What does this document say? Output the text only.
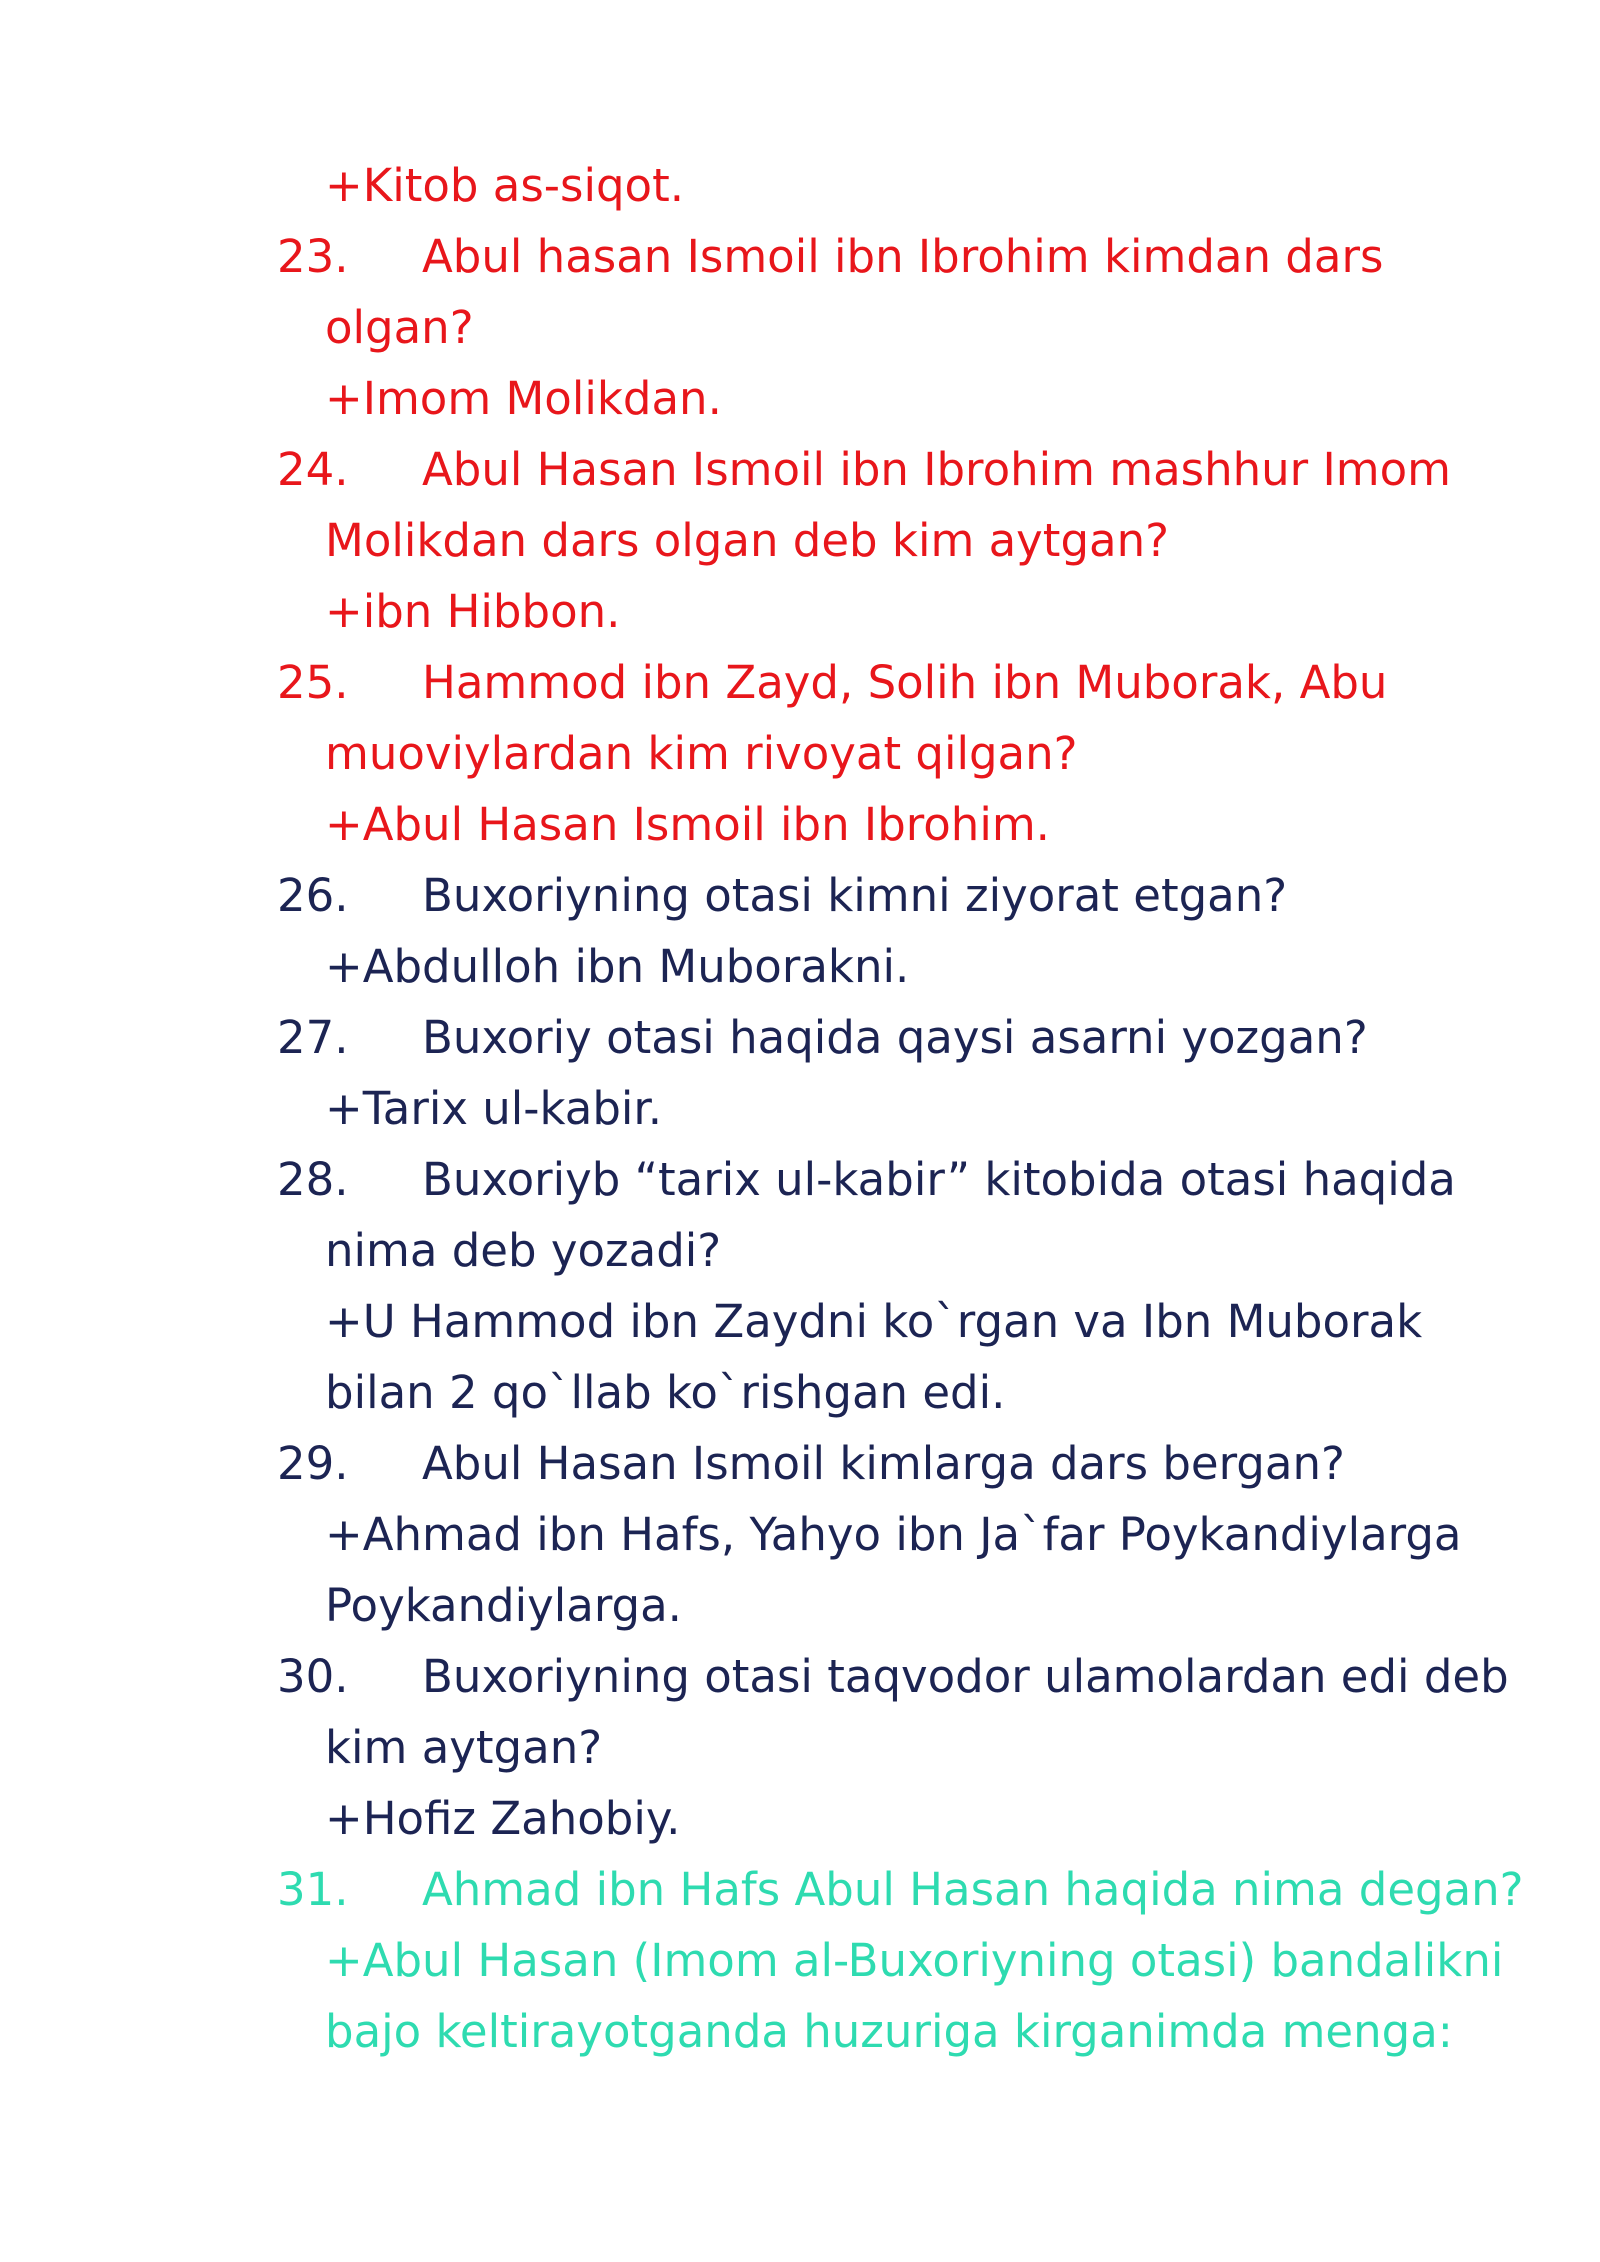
+Kitob as-siqot.
23. Abul hasan Ismoil ibn Ibrohim kimdan dars
olgan?
+Imom Molikdan.
24. Abul Hasan Ismoil ibn Ibrohim mashhur Imom
Molikdan dars olgan deb kim aytgan?
+ibn Hibbon.
25. Hammod ibn Zayd, Solih ibn Muborak, Abu
muoviylardan kim rivoyat qilgan?
+Abul Hasan Ismoil ibn Ibrohim.
26. Buxoriyning otasi kimni ziyorat etgan?
+Abdulloh ibn Muborakni.
27. Buxoriy otasi haqida qaysi asarni yozgan?
+Tarix ul-kabir.
28. Buxoriyb “tarix ul-kabir” kitobida otasi haqida
nima deb yozadi?
+U Hammod ibn Zaydni ko`rgan va Ibn Muborak
bilan 2 qo`llab ko`rishgan edi.
29. Abul Hasan Ismoil kimlarga dars bergan?
+Ahmad ibn Hafs, Yahyo ibn Ja`far Poykandiylarga
Poykandiylarga.
30. Buxoriyning otasi taqvodor ulamolardan edi deb
kim aytgan?
+Hofiz Zahobiy.
31. Ahmad ibn Hafs Abul Hasan haqida nima degan?
+Abul Hasan (Imom al-Buxoriyning otasi) bandalikni
bajo keltirayotganda huzuriga kirganimda menga:
